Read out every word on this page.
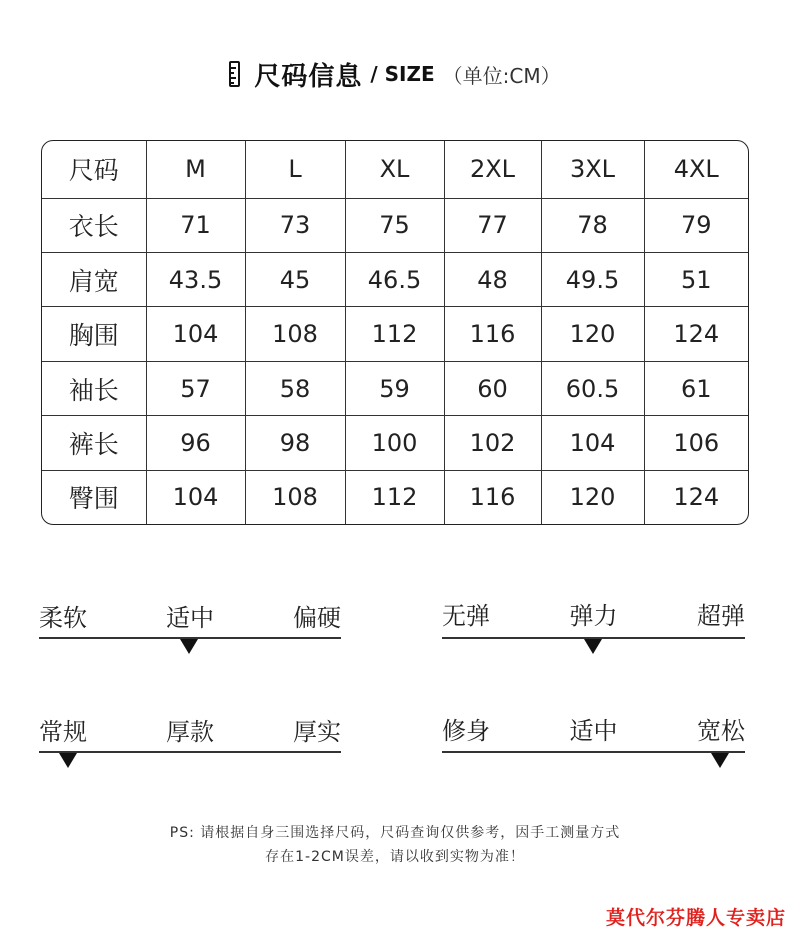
尺码信息 / SIZE （单位:CM）
尺码	M	L	XL	2XL	3XL	4XL
衣长	71	73	75	77	78	79
肩宽	43.5	45	46.5	48	49.5	51
胸围	104	108	112	116	120	124
袖长	57	58	59	60	60.5	61
裤长	96	98	100	102	104	106
臀围	104	108	112	116	120	124
柔软	适中	偏硬	无弹	弹力	超弹
常规	厚款	厚实	修身	适中	宽松
PS: 请根据自身三围选择尺码，尺码查询仅供参考，因手工测量方式
存在1-2CM误差，请以收到实物为准！
莫代尔芬腾人专卖店
